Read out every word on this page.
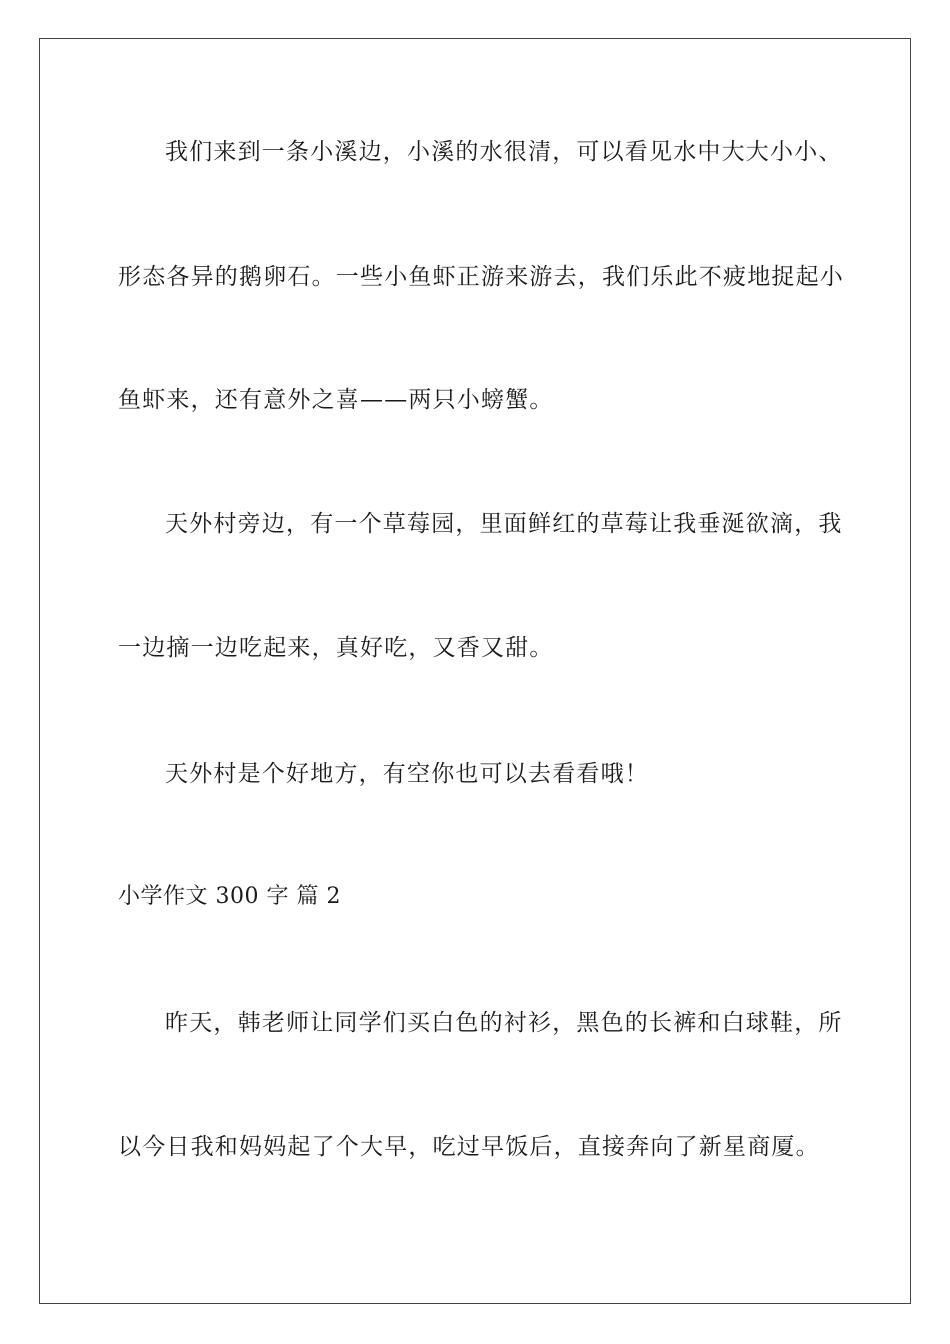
我们来到一条小溪边，小溪的水很清，可以看见水中大大小小、
形态各异的鹅卵石。一些小鱼虾正游来游去，我们乐此不疲地捉起小
鱼虾来，还有意外之喜——两只小螃蟹。
天外村旁边，有一个草莓园，里面鲜红的草莓让我垂涎欲滴，我
一边摘一边吃起来，真好吃，又香又甜。
天外村是个好地方，有空你也可以去看看哦！
小学作文 300 字 篇 2
昨天，韩老师让同学们买白色的衬衫，黑色的长裤和白球鞋，所
以今日我和妈妈起了个大早，吃过早饭后，直接奔向了新星商厦。
